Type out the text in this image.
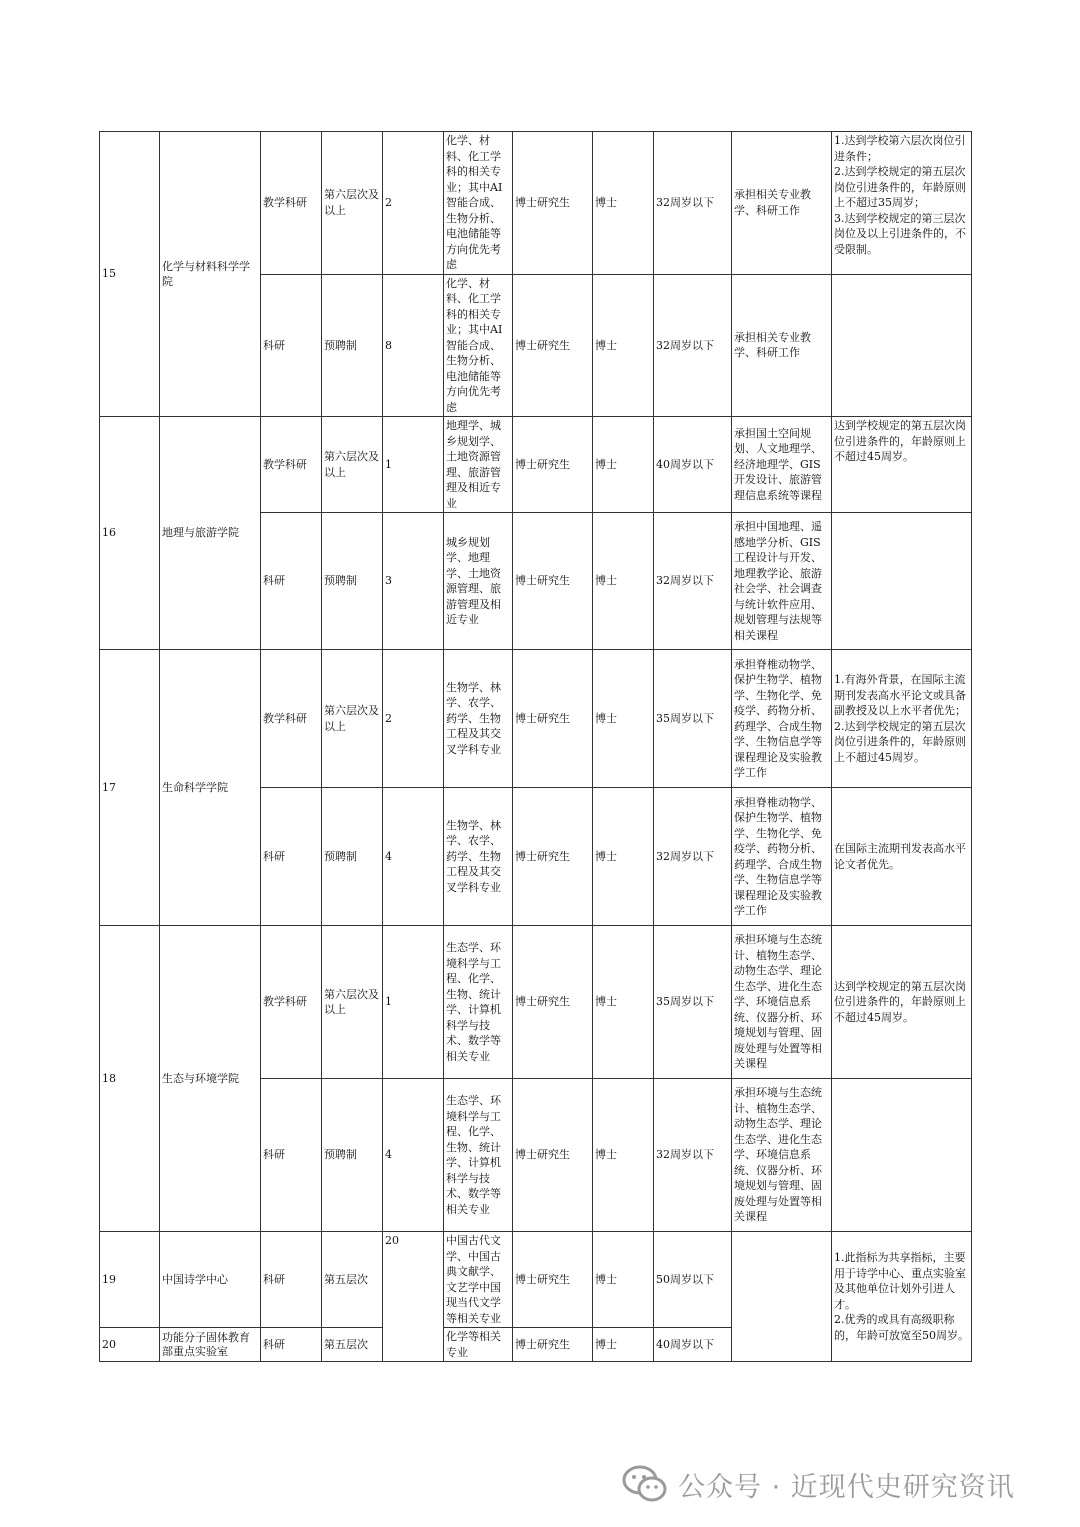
15	化学与材料科学学院	教学科研	第六层次及以上	2	化学、材料、化工学科的相关专业；其中AI智能合成、生物分析、电池储能等方向优先考虑	博士研究生	博士	32周岁以下	承担相关专业教学、科研工作	1.达到学校第六层次岗位引进条件；
2.达到学校规定的第五层次岗位引进条件的，年龄原则上不超过35周岁；
3.达到学校规定的第三层次岗位及以上引进条件的，不受限制。
		科研	预聘制	8	化学、材料、化工学科的相关专业；其中AI智能合成、生物分析、电池储能等方向优先考虑	博士研究生	博士	32周岁以下	承担相关专业教学、科研工作	
16	地理与旅游学院	教学科研	第六层次及以上	1	地理学、城乡规划学、土地资源管理、旅游管理及相近专业	博士研究生	博士	40周岁以下	承担国土空间规划、人文地理学、经济地理学、GIS开发设计、旅游管理信息系统等课程	达到学校规定的第五层次岗位引进条件的，年龄原则上不超过45周岁。
		科研	预聘制	3	城乡规划学、地理学、土地资源管理、旅游管理及相近专业	博士研究生	博士	32周岁以下	承担中国地理、遥感地学分析、GIS工程设计与开发、地理教学论、旅游社会学、社会调查与统计软件应用、规划管理与法规等相关课程	
17	生命科学学院	教学科研	第六层次及以上	2	生物学、林学、农学、药学、生物工程及其交叉学科专业	博士研究生	博士	35周岁以下	承担脊椎动物学、保护生物学、植物学、生物化学、免疫学、药物分析、药理学、合成生物学、生物信息学等课程理论及实验教学工作	1.有海外背景，在国际主流期刊发表高水平论文或具备副教授及以上水平者优先；
2.达到学校规定的第五层次岗位引进条件的，年龄原则上不超过45周岁。
		科研	预聘制	4	生物学、林学、农学、药学、生物工程及其交叉学科专业	博士研究生	博士	32周岁以下	承担脊椎动物学、保护生物学、植物学、生物化学、免疫学、药物分析、药理学、合成生物学、生物信息学等课程理论及实验教学工作	在国际主流期刊发表高水平论文者优先。
18	生态与环境学院	教学科研	第六层次及以上	1	生态学、环境科学与工程、化学、生物、统计学、计算机科学与技术、数学等相关专业	博士研究生	博士	35周岁以下	承担环境与生态统计、植物生态学、动物生态学、理论生态学、进化生态学、环境信息系统、仪器分析、环境规划与管理、固废处理与处置等相关课程	达到学校规定的第五层次岗位引进条件的，年龄原则上不超过45周岁。
		科研	预聘制	4	生态学、环境科学与工程、化学、生物、统计学、计算机科学与技术、数学等相关专业	博士研究生	博士	32周岁以下	承担环境与生态统计、植物生态学、动物生态学、理论生态学、进化生态学、环境信息系统、仪器分析、环境规划与管理、固废处理与处置等相关课程	
19	中国诗学中心	科研	第五层次	20	中国古代文学、中国古典文献学、文艺学中国现当代文学等相关专业	博士研究生	博士	50周岁以下		1.此指标为共享指标，主要用于诗学中心、重点实验室及其他单位计划外引进人才。
2.优秀的或具有高级职称的，年龄可放宽至50周岁。
20	功能分子固体教育部重点实验室	科研	第五层次		化学等相关专业	博士研究生	博士	40周岁以下		
公众号 · 近现代史研究资讯
